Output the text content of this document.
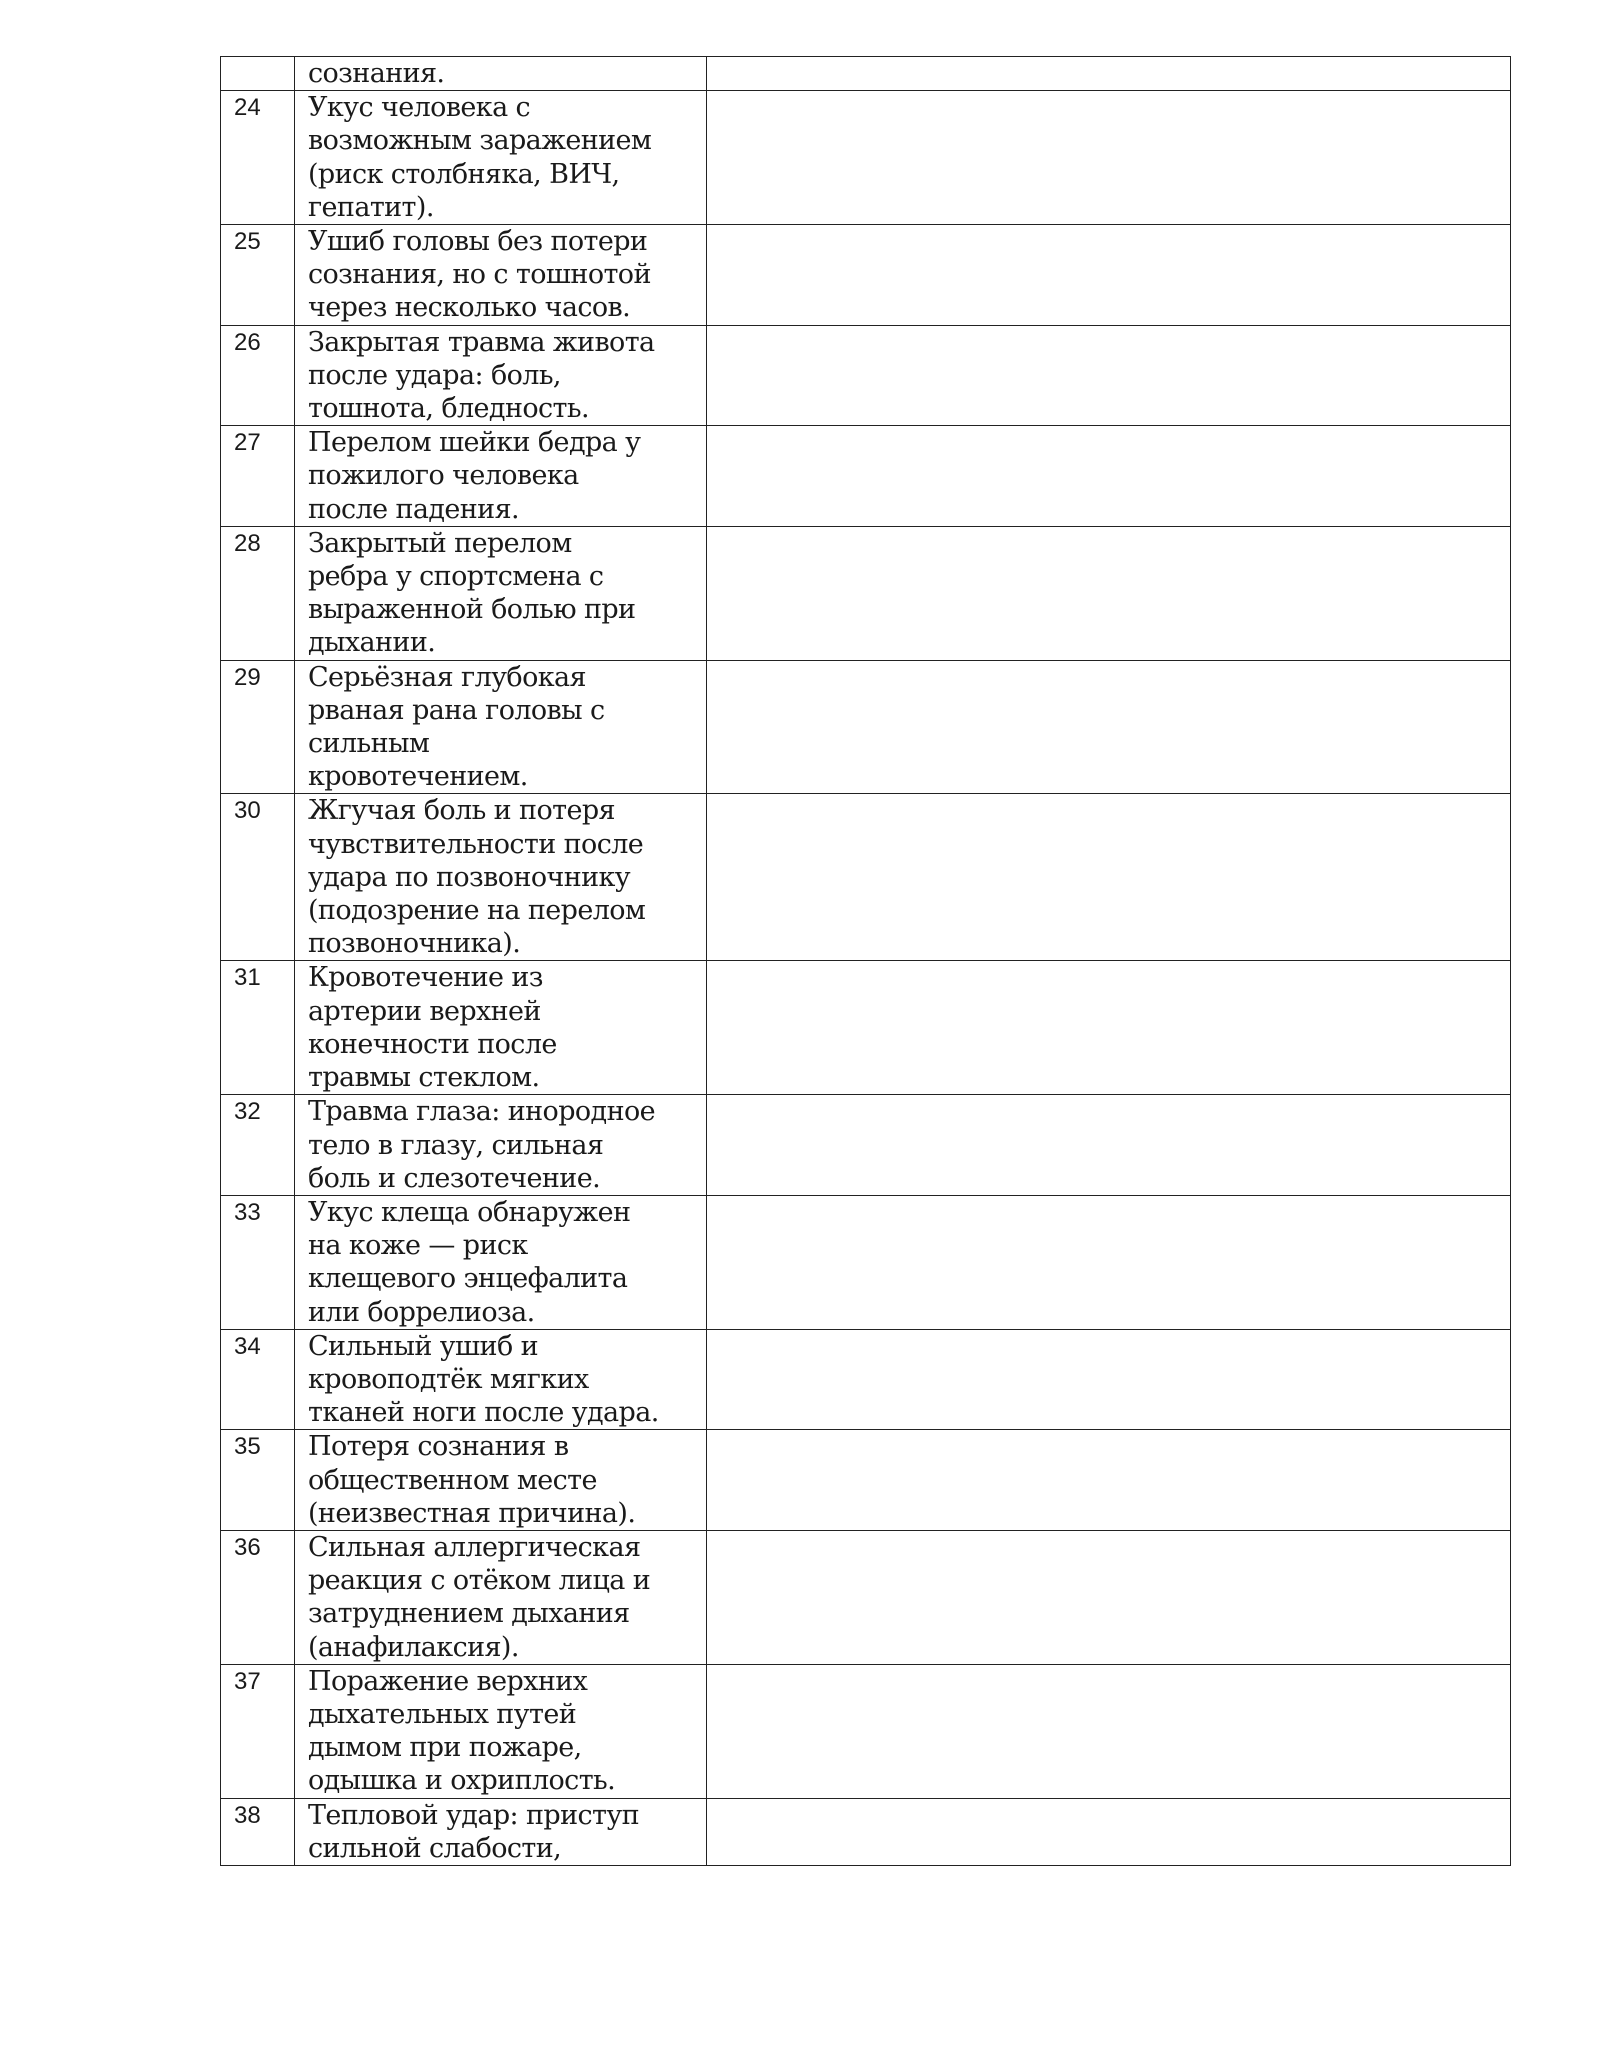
	сознания.	

24	Укус человека с
возможным заражением
(риск столбняка, ВИЧ,
гепатит).	

25	Ушиб головы без потери
сознания, но с тошнотой
через несколько часов.	

26	Закрытая травма живота
после удара: боль,
тошнота, бледность.	

27	Перелом шейки бедра у
пожилого человека
после падения.	

28	Закрытый перелом
ребра у спортсмена с
выраженной болью при
дыхании.	

29	Серьёзная глубокая
рваная рана головы с
сильным
кровотечением.	

30	Жгучая боль и потеря
чувствительности после
удара по позвоночнику
(подозрение на перелом
позвоночника).	

31	Кровотечение из
артерии верхней
конечности после
травмы стеклом.	

32	Травма глаза: инородное
тело в глазу, сильная
боль и слезотечение.	

33	Укус клеща обнаружен
на коже — риск
клещевого энцефалита
или боррелиоза.	

34	Сильный ушиб и
кровоподтёк мягких
тканей ноги после удара.	

35	Потеря сознания в
общественном месте
(неизвестная причина).	

36	Сильная аллергическая
реакция с отёком лица и
затруднением дыхания
(анафилаксия).	

37	Поражение верхних
дыхательных путей
дымом при пожаре,
одышка и охриплость.	

38	Тепловой удар: приступ
сильной слабости,	
